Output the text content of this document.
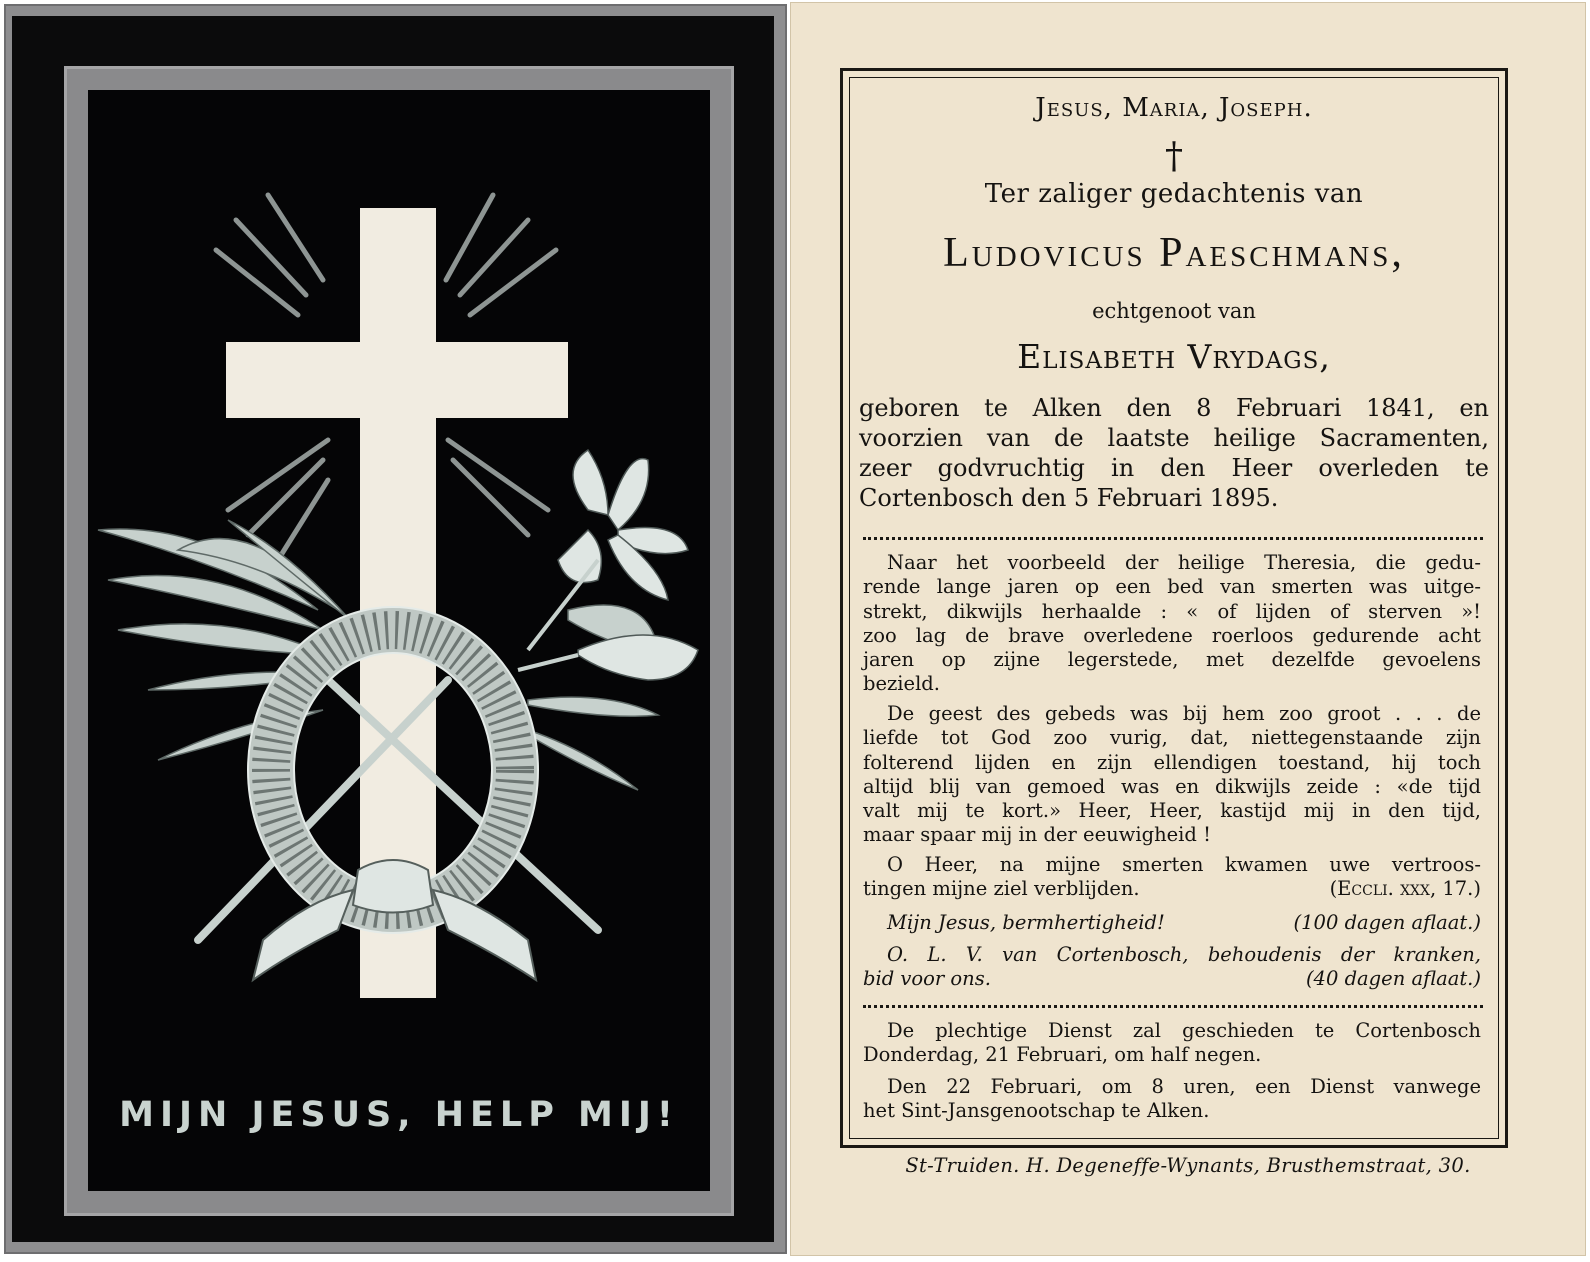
MIJN JESUS, HELP MIJ!
Jesus, Maria, Joseph.
†
Ter zaliger gedachtenis van
Ludovicus Paeschmans,
echtgenoot van
Elisabeth Vrydags,
geboren te Alken den 8 Februari 1841, en
voorzien van de laatste heilige Sacramenten,
zeer godvruchtig in den Heer overleden te
Cortenbosch den 5 Februari 1895.
Naar het voorbeeld der heilige Theresia, die gedu-
rende lange jaren op een bed van smerten was uitge-
strekt, dikwijls herhaalde : « of lijden of sterven »!
zoo lag de brave overledene roerloos gedurende acht
jaren op zijne legerstede, met dezelfde gevoelens
bezield.
De geest des gebeds was bij hem zoo groot . . . de
liefde tot God zoo vurig, dat, niettegenstaande zijn
folterend lijden en zijn ellendigen toestand, hij toch
altijd blij van gemoed was en dikwijls zeide : «de tijd
valt mij te kort.» Heer, Heer, kastijd mij in den tijd,
maar spaar mij in der eeuwigheid !
O Heer, na mijne smerten kwamen uwe vertroos-
tingen mijne ziel verblijden.	(Eccli. xxx, 17.)
Mijn Jesus, bermhertigheid!	(100 dagen aflaat.)
O. L. V. van Cortenbosch, behoudenis der kranken,
bid voor ons.	(40 dagen aflaat.)
De plechtige Dienst zal geschieden te Cortenbosch
Donderdag, 21 Februari, om half negen.
Den 22 Februari, om 8 uren, een Dienst vanwege
het Sint-Jansgenootschap te Alken.
St-Truiden. H. Degeneffe-Wynants, Brusthemstraat, 30.
